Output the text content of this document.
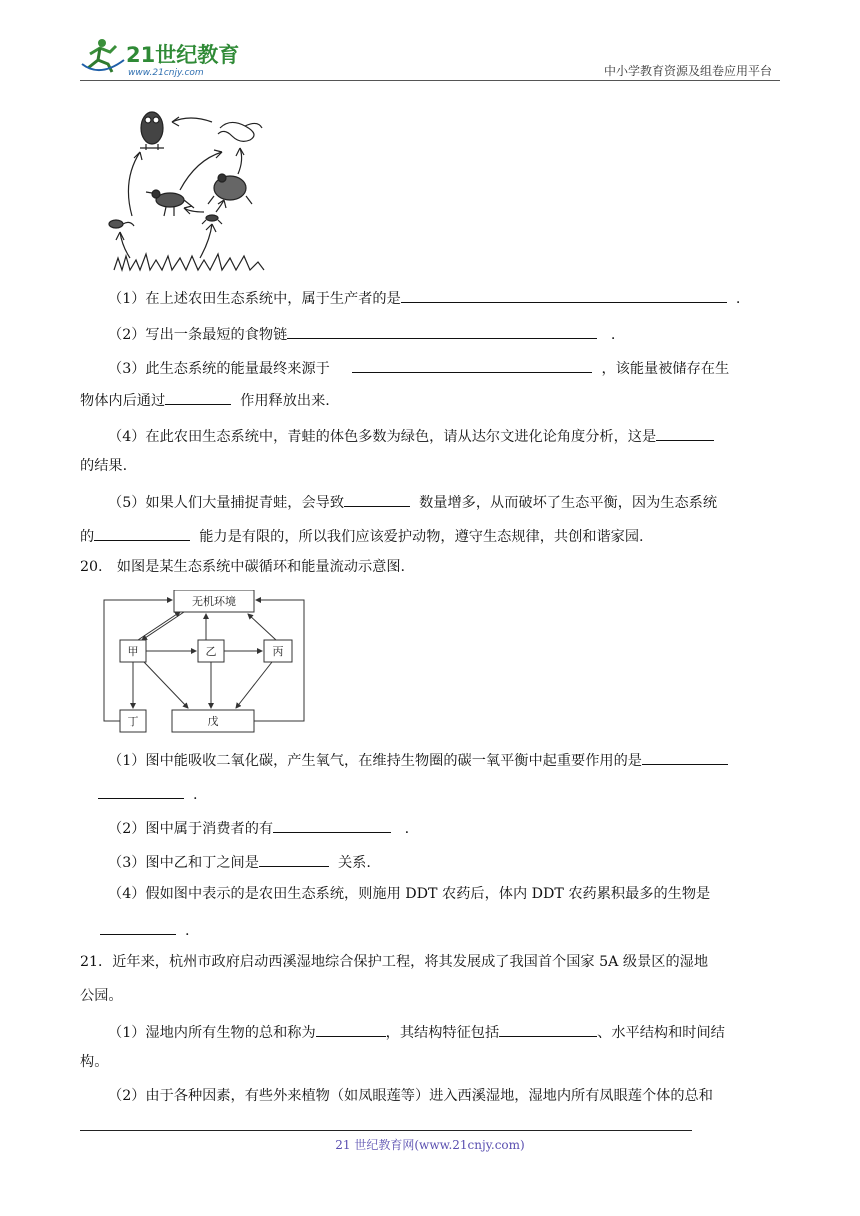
21世纪教育
www.21cnjy.com	中小学教育资源及组卷应用平台
（1）在上述农田生态系统中，属于生产者的是	.
（2）写出一条最短的食物链	.
（3）此生态系统的能量最终来源于	，该能量被储存在生
物体内后通过	作用释放出来.
（4）在此农田生态系统中，青蛙的体色多数为绿色，请从达尔文进化论角度分析，这是
的结果.
（5）如果人们大量捕捉青蛙，会导致	数量增多，从而破坏了生态平衡，因为生态系统
的	能力是有限的，所以我们应该爱护动物，遵守生态规律，共创和谐家园.
20.　如图是某生态系统中碳循环和能量流动示意图.
无机环境
甲	乙	丙
丁	戊
（1）图中能吸收二氧化碳，产生氧气，在维持生物圈的碳一氧平衡中起重要作用的是
.
（2）图中属于消费者的有	.
（3）图中乙和丁之间是	关系.
（4）假如图中表示的是农田生态系统，则施用 DDT 农药后，体内 DDT 农药累积最多的生物是
.
21．近年来，杭州市政府启动西溪湿地综合保护工程，将其发展成了我国首个国家 5A 级景区的湿地
公园。
（1）湿地内所有生物的总和称为	，其结构特征包括	、水平结构和时间结
构。
（2）由于各种因素，有些外来植物（如凤眼莲等）进入西溪湿地，湿地内所有凤眼莲个体的总和
21 世纪教育网(www.21cnjy.com)
